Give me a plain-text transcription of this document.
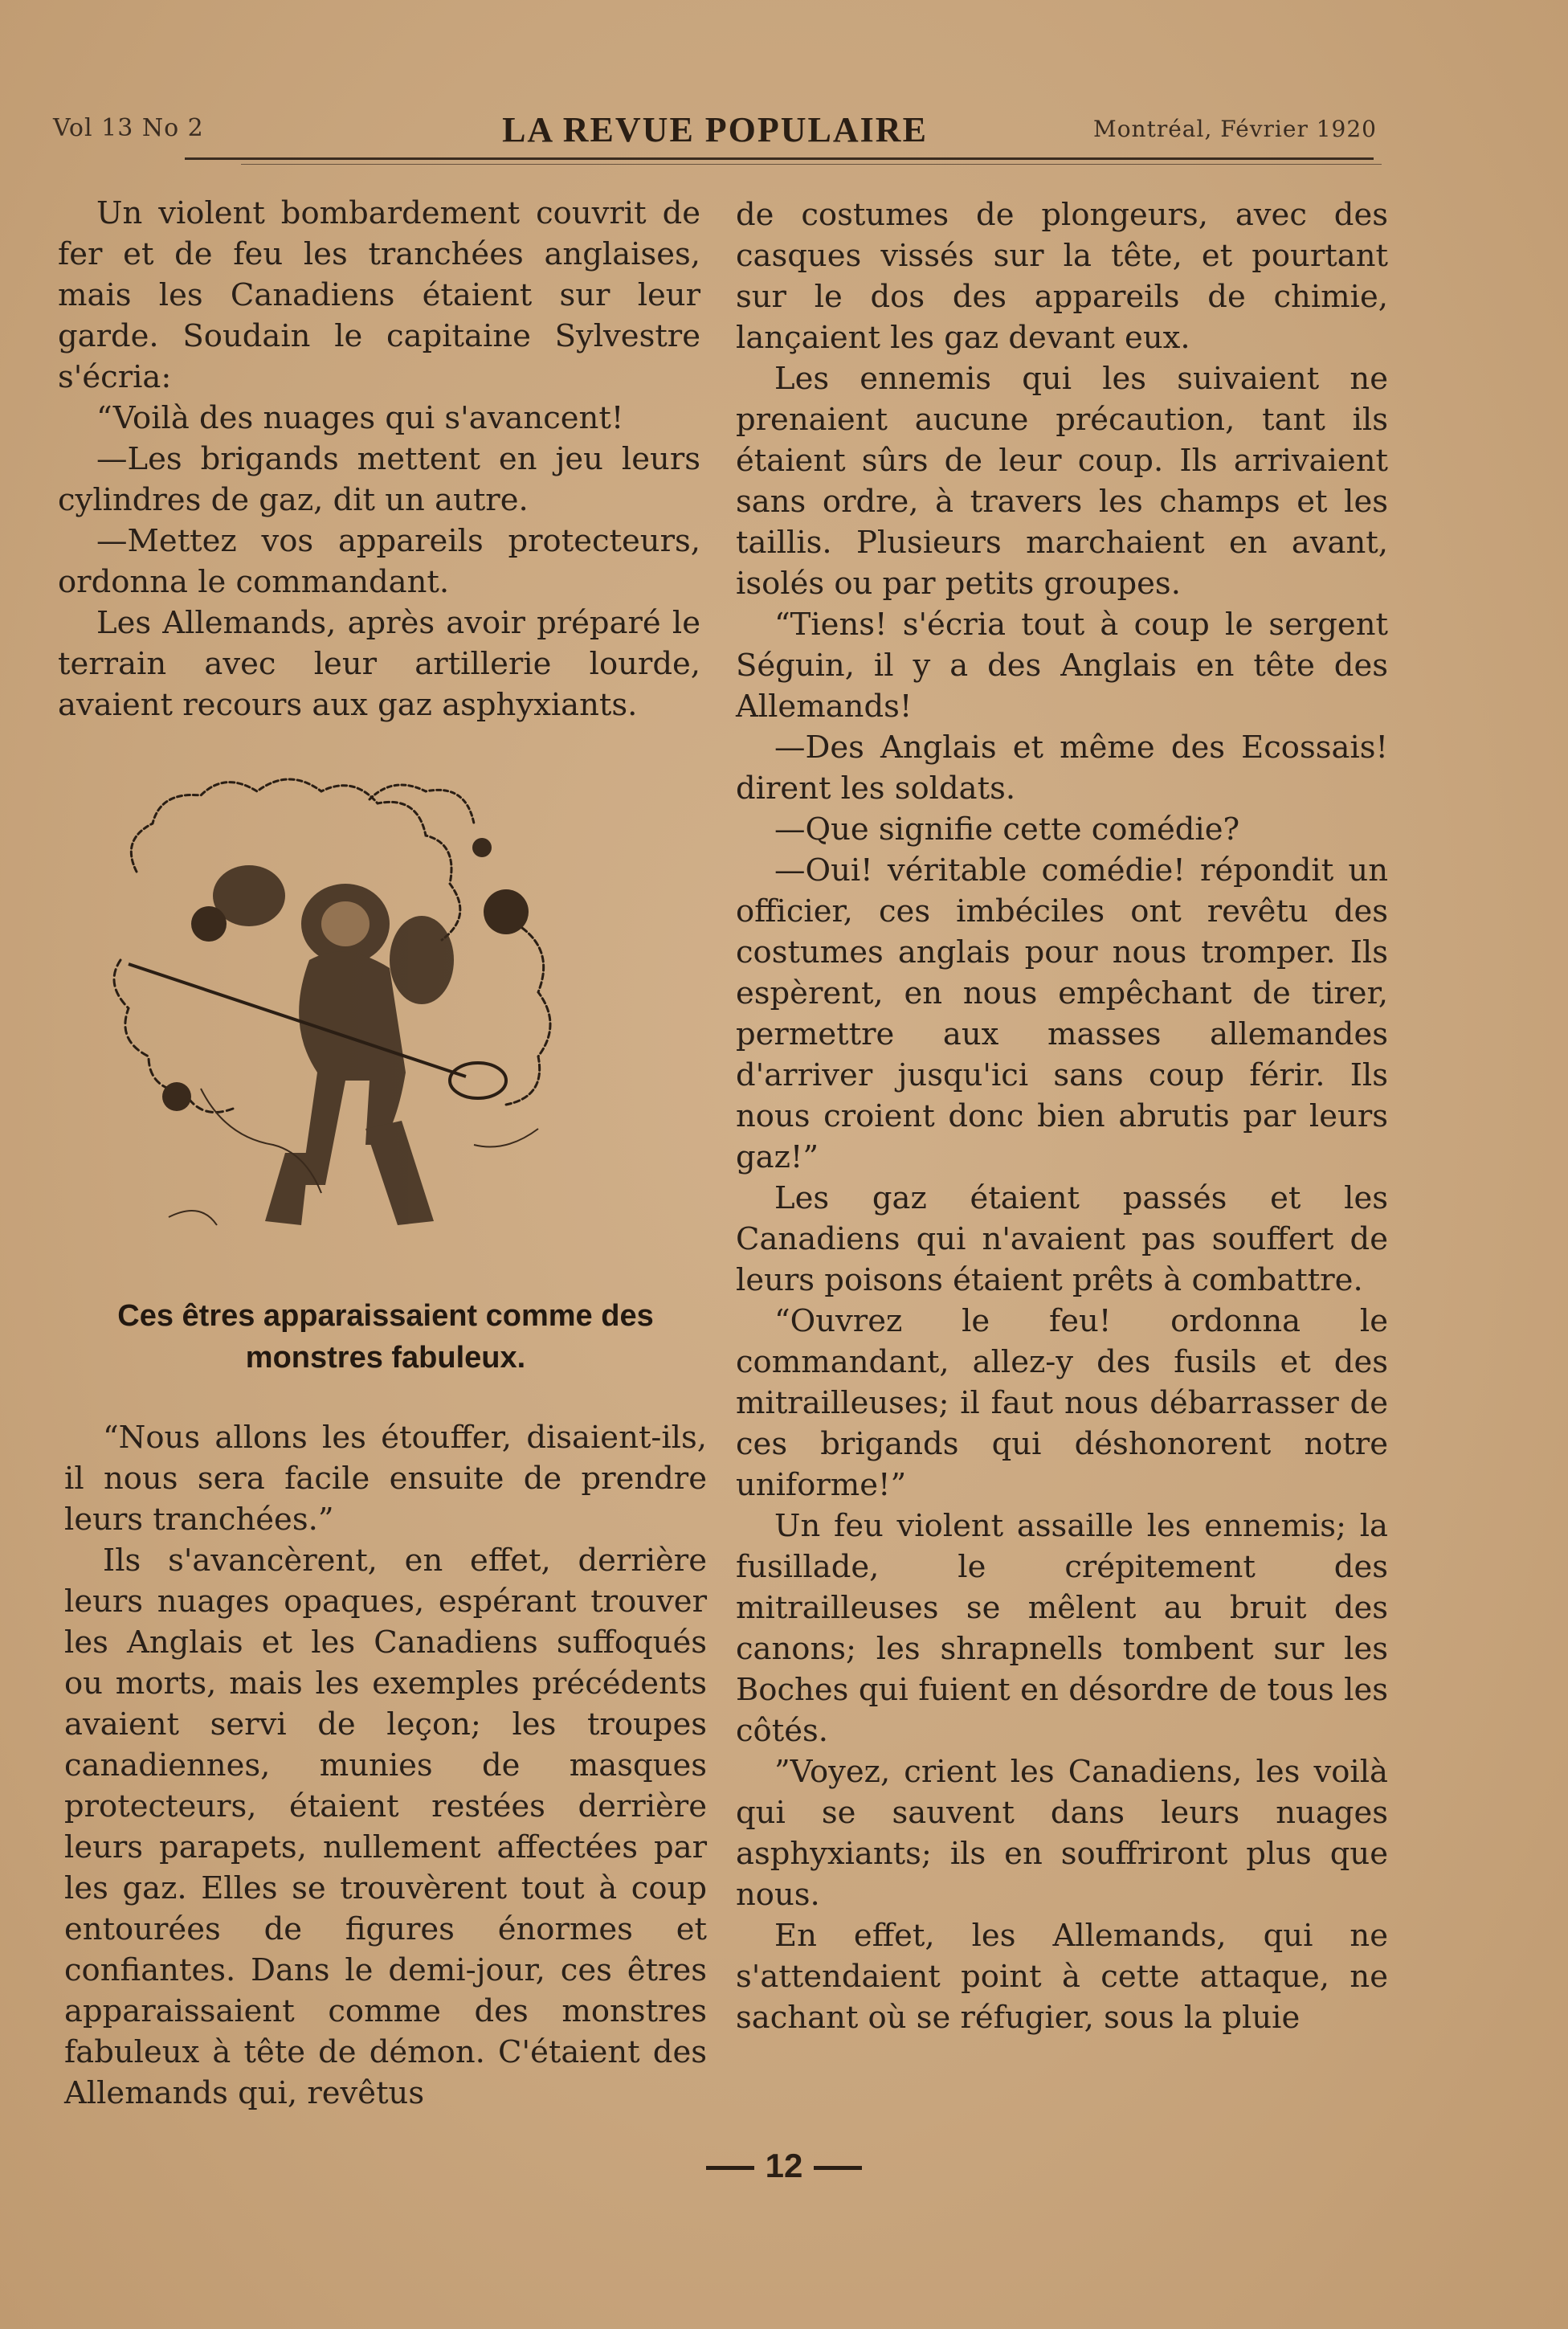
Vol 13 No 2	LA REVUE POPULAIRE	Montréal, Février 1920

Un violent bombardement couvrit de fer et de feu les tranchées anglaises, mais les Canadiens étaient sur leur garde. Soudain le capitaine Sylvestre s'écria:

“Voilà des nuages qui s'avancent!

—Les brigands mettent en jeu leurs cylindres de gaz, dit un autre.

—Mettez vos appareils protecteurs, ordonna le commandant.

Les Allemands, après avoir préparé le terrain avec leur artillerie lourde, avaient recours aux gaz asphyxiants.

Ces êtres apparaissaient comme des monstres fabuleux.

“Nous allons les étouffer, disaient-ils, il nous sera facile ensuite de prendre leurs tranchées.”

Ils s'avancèrent, en effet, derrière leurs nuages opaques, espérant trouver les Anglais et les Canadiens suffoqués ou morts, mais les exemples précédents avaient servi de leçon; les troupes canadiennes, munies de masques protecteurs, étaient restées derrière leurs parapets, nullement affectées par les gaz. Elles se trouvèrent tout à coup entourées de figures énormes et confiantes. Dans le demi-jour, ces êtres apparaissaient comme des monstres fabuleux à tête de démon. C'étaient des Allemands qui, revêtus

de costumes de plongeurs, avec des casques vissés sur la tête, et pourtant sur le dos des appareils de chimie, lançaient les gaz devant eux.

Les ennemis qui les suivaient ne prenaient aucune précaution, tant ils étaient sûrs de leur coup. Ils arrivaient sans ordre, à travers les champs et les taillis. Plusieurs marchaient en avant, isolés ou par petits groupes.

“Tiens! s'écria tout à coup le sergent Séguin, il y a des Anglais en tête des Allemands!

—Des Anglais et même des Ecossais! dirent les soldats.

—Que signifie cette comédie?

—Oui! véritable comédie! répondit un officier, ces imbéciles ont revêtu des costumes anglais pour nous tromper. Ils espèrent, en nous empêchant de tirer, permettre aux masses allemandes d'arriver jusqu'ici sans coup férir. Ils nous croient donc bien abrutis par leurs gaz!”

Les gaz étaient passés et les Canadiens qui n'avaient pas souffert de leurs poisons étaient prêts à combattre.

“Ouvrez le feu! ordonna le commandant, allez-y des fusils et des mitrailleuses; il faut nous débarrasser de ces brigands qui déshonorent notre uniforme!”

Un feu violent assaille les ennemis; la fusillade, le crépitement des mitrailleuses se mêlent au bruit des canons; les shrapnells tombent sur les Boches qui fuient en désordre de tous les côtés.

”Voyez, crient les Canadiens, les voilà qui se sauvent dans leurs nuages asphyxiants; ils en souffriront plus que nous.

En effet, les Allemands, qui ne s'attendaient point à cette attaque, ne sachant où se réfugier, sous la pluie

12
